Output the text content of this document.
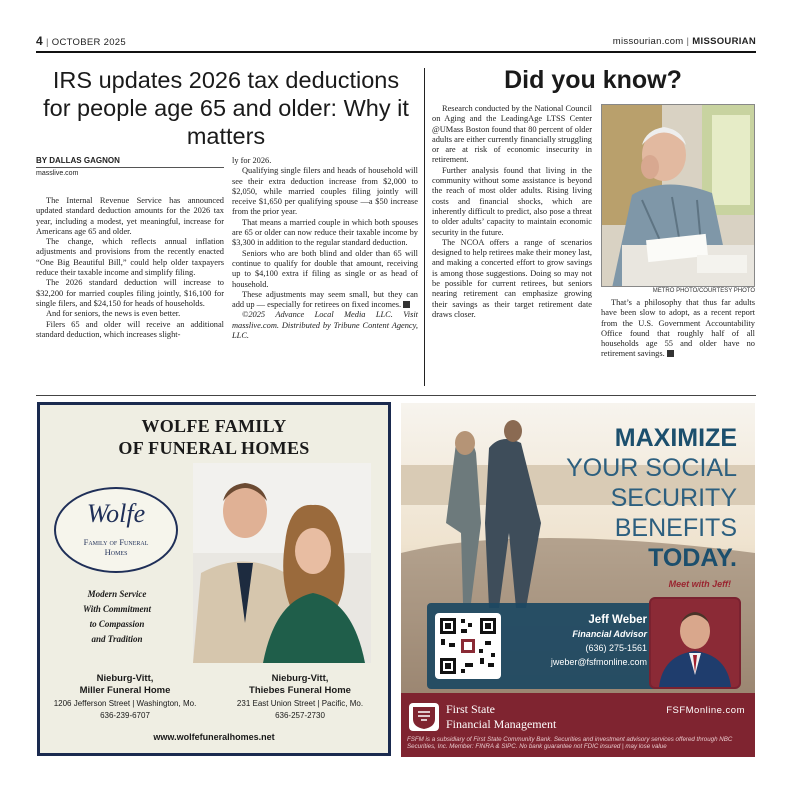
4 | OCTOBER 2025	missourian.com | MISSOURIAN
IRS updates 2026 tax deductions for people age 65 and older: Why it matters
BY DALLAS GAGNON
masslive.com

The Internal Revenue Service has announced updated standard deduction amounts for the 2026 tax year, including a modest, yet meaningful, increase for Americans age 65 and older.

The change, which reflects annual inflation adjustments and provisions from the recently enacted “One Big Beautiful Bill,” could help older taxpayers reduce their taxable income and simplify filing.

The 2026 standard deduction will increase to $32,200 for married couples filing jointly, $16,100 for single filers, and $24,150 for heads of households.

And for seniors, the news is even better.

Filers 65 and older will receive an additional standard deduction, which increases slight-

ly for 2026.

Qualifying single filers and heads of household will see their extra deduction increase from $2,000 to $2,050, while married couples filing jointly will receive $1,650 per qualifying spouse —a $50 increase from the prior year.

That means a married couple in which both spouses are 65 or older can now reduce their taxable income by $3,300 in addition to the regular standard deduction.

Seniors who are both blind and older than 65 will continue to qualify for double that amount, receiving up to $4,100 extra if filing as single or as head of household.

These adjustments may seem small, but they can add up — especially for retirees on fixed incomes.

©2025 Advance Local Media LLC. Visit masslive.com. Distributed by Tribune Content Agency, LLC.

Did you know?

Research conducted by the National Council on Aging and the LeadingAge LTSS Center @UMass Boston found that 80 percent of older adults are either currently financially struggling or are at risk of economic insecurity in retirement.

Further analysis found that living in the community without some assistance is beyond the reach of most older adults. Rising living costs and financial shocks, which are inherently difficult to predict, also pose a threat to older adults’ capacity to maintain economic security in the future.

The NCOA offers a range of scenarios designed to help retirees make their money last, and making a concerted effort to grow savings is among those suggestions. Doing so may not be possible for current retirees, but seniors nearing retirement can emphasize growing their savings as their target retirement date draws closer.

METRO PHOTO/COURTESY PHOTO

That’s a philosophy that thus far adults have been slow to adopt, as a recent report from the U.S. Government Accountability Office found that roughly half of all households age 55 and older have no retirement savings.

WOLFE FAMILY
OF FUNERAL HOMES
Wolfe
Family of Funeral
Homes
Modern Service
With Commitment
to Compassion
and Tradition
Nieburg-Vitt,
Miller Funeral Home
1206 Jefferson Street | Washington, Mo.
636-239-6707
Nieburg-Vitt,
Thiebes Funeral Home
231 East Union Street | Pacific, Mo.
636-257-2730
www.wolfefuneralhomes.net
MAXIMIZE
YOUR SOCIAL
SECURITY
BENEFITS
TODAY.
Meet with Jeff!
Jeff Weber
Financial Advisor
(636) 275-1561
jweber@fsfmonline.com
First State
Financial Management
FSFMonline.com
FSFM is a subsidiary of First State Community Bank. Securities and investment advisory services offered through NBC Securities, Inc. Member: FINRA & SIPC. No bank guarantee not FDIC insured | may lose value
